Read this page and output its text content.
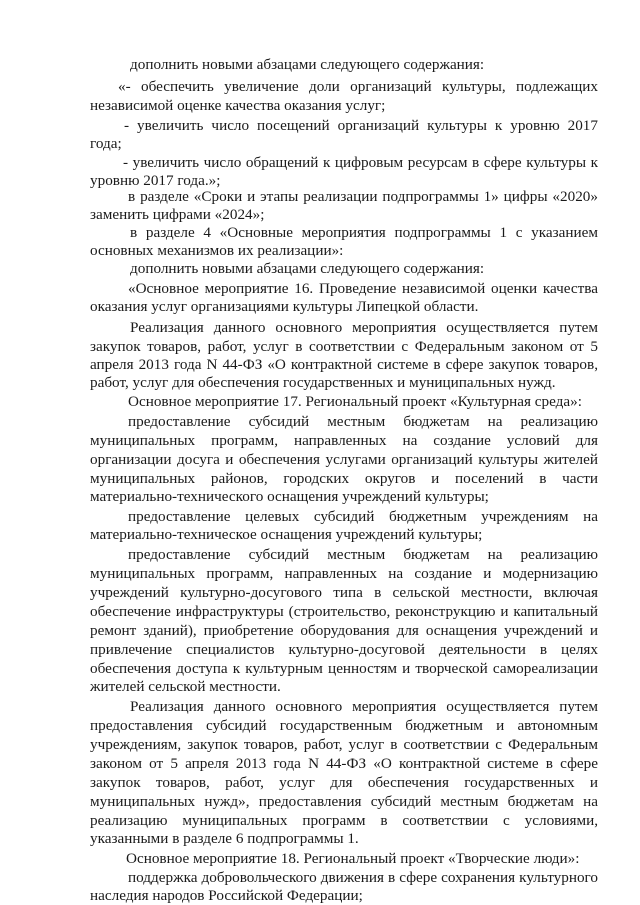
дополнить новыми абзацами следующего содержания:
«- обеспечить увеличение доли организаций культуры, подлежащих
независимой оценке качества оказания услуг;
- увеличить число посещений организаций культуры к уровню 2017
года;
- увеличить число обращений к цифровым ресурсам в сфере культуры к
уровню 2017 года.»;
в разделе «Сроки и этапы реализации подпрограммы 1» цифры «2020»
заменить цифрами «2024»;
в разделе 4 «Основные мероприятия подпрограммы 1 с указанием
основных механизмов их реализации»:
дополнить новыми абзацами следующего содержания:
«Основное мероприятие 16. Проведение независимой оценки качества
оказания услуг организациями культуры Липецкой области.
Реализация данного основного мероприятия осуществляется путем
закупок товаров, работ, услуг в соответствии с Федеральным законом от 5
апреля 2013 года N 44-ФЗ «О контрактной системе в сфере закупок товаров,
работ, услуг для обеспечения государственных и муниципальных нужд.
Основное мероприятие 17. Региональный проект «Культурная среда»:
предоставление субсидий местным бюджетам на реализацию
муниципальных программ, направленных на создание условий для
организации досуга и обеспечения услугами организаций культуры жителей
муниципальных районов, городских округов и поселений в части
материально-технического оснащения учреждений культуры;
предоставление целевых субсидий бюджетным учреждениям на
материально-техническое оснащения учреждений культуры;
предоставление субсидий местным бюджетам на реализацию
муниципальных программ, направленных на создание и модернизацию
учреждений культурно-досугового типа в сельской местности, включая
обеспечение инфраструктуры (строительство, реконструкцию и капитальный
ремонт зданий), приобретение оборудования для оснащения учреждений и
привлечение специалистов культурно-досуговой деятельности в целях
обеспечения доступа к культурным ценностям и творческой самореализации
жителей сельской местности.
Реализация данного основного мероприятия осуществляется путем
предоставления субсидий государственным бюджетным и автономным
учреждениям, закупок товаров, работ, услуг в соответствии с Федеральным
законом от 5 апреля 2013 года N 44-ФЗ «О контрактной системе в сфере
закупок товаров, работ, услуг для обеспечения государственных и
муниципальных нужд», предоставления субсидий местным бюджетам на
реализацию муниципальных программ в соответствии с условиями,
указанными в разделе 6 подпрограммы 1.
Основное мероприятие 18. Региональный проект «Творческие люди»:
поддержка добровольческого движения в сфере сохранения культурного
наследия народов Российской Федерации;
